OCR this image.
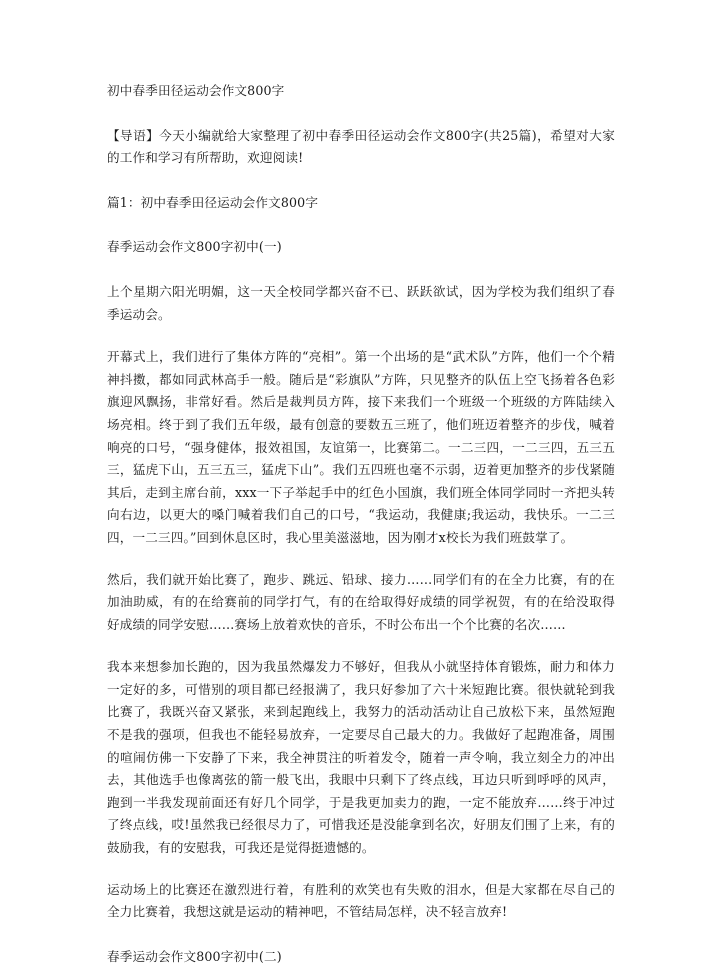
初中春季田径运动会作文800字

【导语】今天小编就给大家整理了初中春季田径运动会作文800字(共25篇)，希望对大家的工作和学习有所帮助，欢迎阅读!

篇1：初中春季田径运动会作文800字

春季运动会作文800字初中(一)

上个星期六阳光明媚，这一天全校同学都兴奋不已、跃跃欲试，因为学校为我们组织了春季运动会。

开幕式上，我们进行了集体方阵的“亮相”。第一个出场的是“武术队”方阵，他们一个个精神抖擞，都如同武林高手一般。随后是“彩旗队”方阵，只见整齐的队伍上空飞扬着各色彩旗迎风飘扬，非常好看。然后是裁判员方阵，接下来我们一个班级一个班级的方阵陆续入场亮相。终于到了我们五年级，最有创意的要数五三班了，他们班迈着整齐的步伐，喊着响亮的口号，“强身健体，报效祖国，友谊第一，比赛第二。一二三四，一二三四，五三五三，猛虎下山，五三五三，猛虎下山”。我们五四班也毫不示弱，迈着更加整齐的步伐紧随其后，走到主席台前，xxx一下子举起手中的红色小国旗，我们班全体同学同时一齐把头转向右边，以更大的嗓门喊着我们自己的口号，“我运动，我健康;我运动，我快乐。一二三四，一二三四。”回到休息区时，我心里美滋滋地，因为刚才x校长为我们班鼓掌了。

然后，我们就开始比赛了，跑步、跳远、铅球、接力……同学们有的在全力比赛，有的在加油助威，有的在给赛前的同学打气，有的在给取得好成绩的同学祝贺，有的在给没取得好成绩的同学安慰……赛场上放着欢快的音乐，不时公布出一个个比赛的名次……

我本来想参加长跑的，因为我虽然爆发力不够好，但我从小就坚持体育锻炼，耐力和体力一定好的多，可惜别的项目都已经报满了，我只好参加了六十米短跑比赛。很快就轮到我比赛了，我既兴奋又紧张，来到起跑线上，我努力的活动活动让自己放松下来，虽然短跑不是我的强项，但我也不能轻易放弃，一定要尽自己最大的力。我做好了起跑准备，周围的喧闹仿佛一下安静了下来，我全神贯注的听着发令，随着一声令响，我立刻全力的冲出去，其他选手也像离弦的箭一般飞出，我眼中只剩下了终点线，耳边只听到呼呼的风声，跑到一半我发现前面还有好几个同学，于是我更加卖力的跑，一定不能放弃……终于冲过了终点线，哎!虽然我已经很尽力了，可惜我还是没能拿到名次，好朋友们围了上来，有的鼓励我，有的安慰我，可我还是觉得挺遗憾的。

运动场上的比赛还在激烈进行着，有胜利的欢笑也有失败的泪水，但是大家都在尽自己的全力比赛着，我想这就是运动的精神吧，不管结局怎样，决不轻言放弃!

春季运动会作文800字初中(二)
